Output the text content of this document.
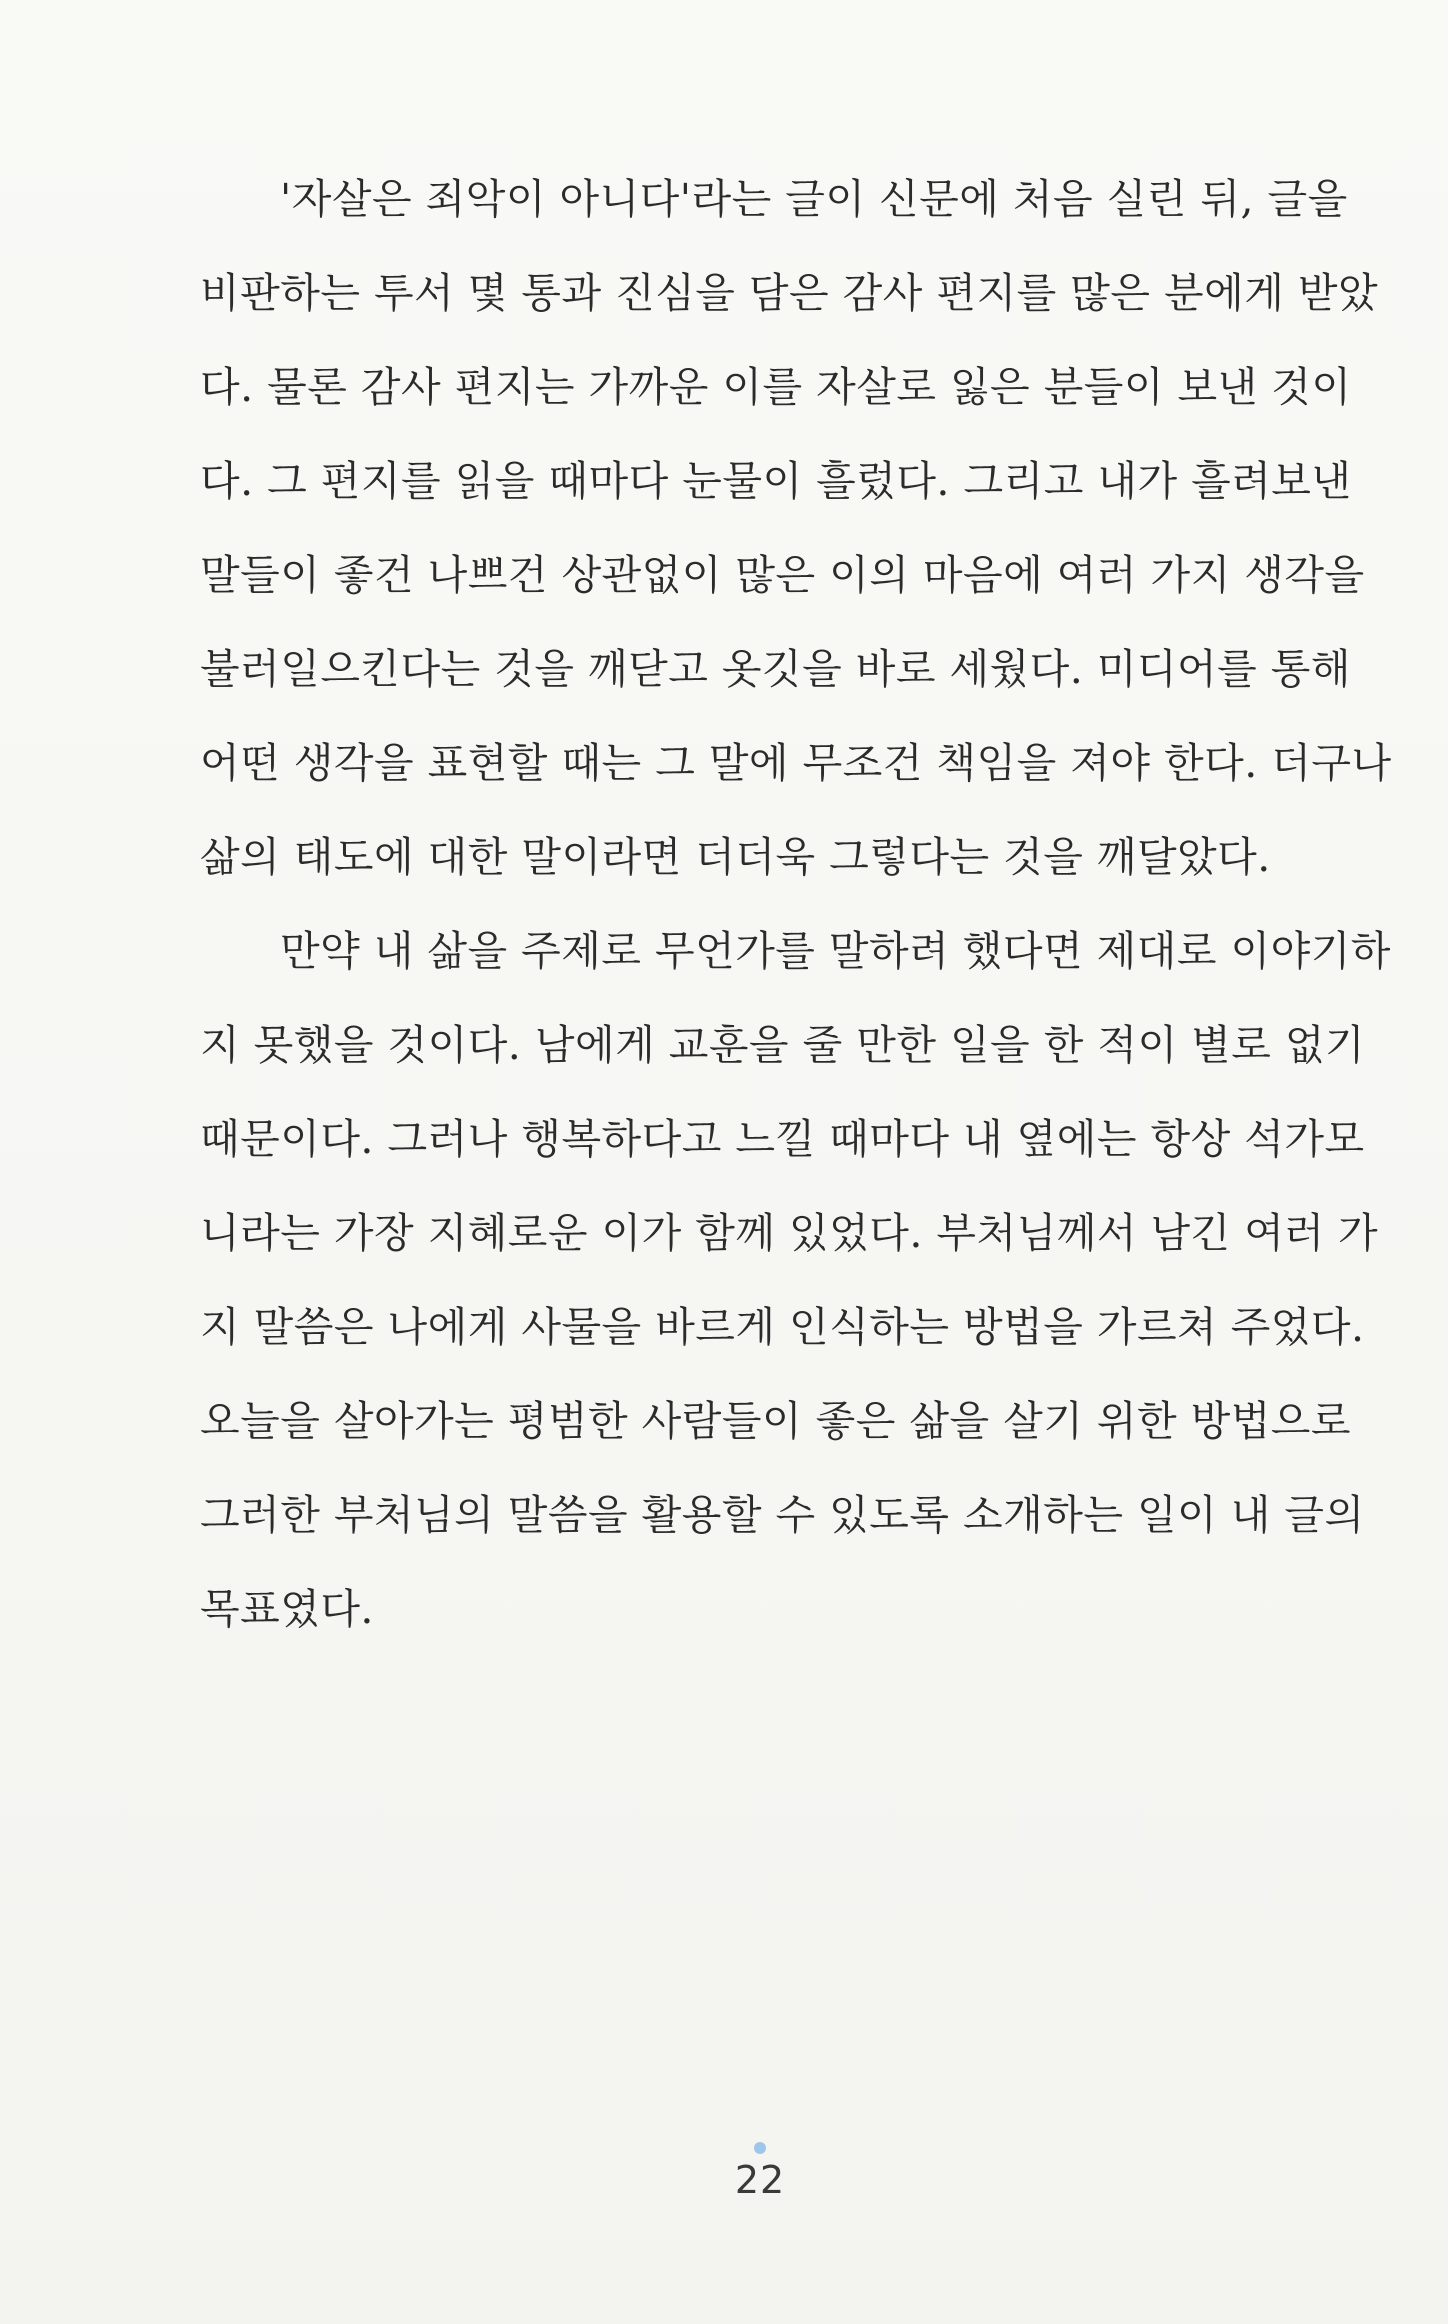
'자살은 죄악이 아니다'라는 글이 신문에 처음 실린 뒤, 글을
비판하는 투서 몇 통과 진심을 담은 감사 편지를 많은 분에게 받았
다. 물론 감사 편지는 가까운 이를 자살로 잃은 분들이 보낸 것이
다. 그 편지를 읽을 때마다 눈물이 흘렀다. 그리고 내가 흘려보낸
말들이 좋건 나쁘건 상관없이 많은 이의 마음에 여러 가지 생각을
불러일으킨다는 것을 깨닫고 옷깃을 바로 세웠다. 미디어를 통해
어떤 생각을 표현할 때는 그 말에 무조건 책임을 져야 한다. 더구나
삶의 태도에 대한 말이라면 더더욱 그렇다는 것을 깨달았다.
만약 내 삶을 주제로 무언가를 말하려 했다면 제대로 이야기하
지 못했을 것이다. 남에게 교훈을 줄 만한 일을 한 적이 별로 없기
때문이다. 그러나 행복하다고 느낄 때마다 내 옆에는 항상 석가모
니라는 가장 지혜로운 이가 함께 있었다. 부처님께서 남긴 여러 가
지 말씀은 나에게 사물을 바르게 인식하는 방법을 가르쳐 주었다.
오늘을 살아가는 평범한 사람들이 좋은 삶을 살기 위한 방법으로
그러한 부처님의 말씀을 활용할 수 있도록 소개하는 일이 내 글의
목표였다.
22
